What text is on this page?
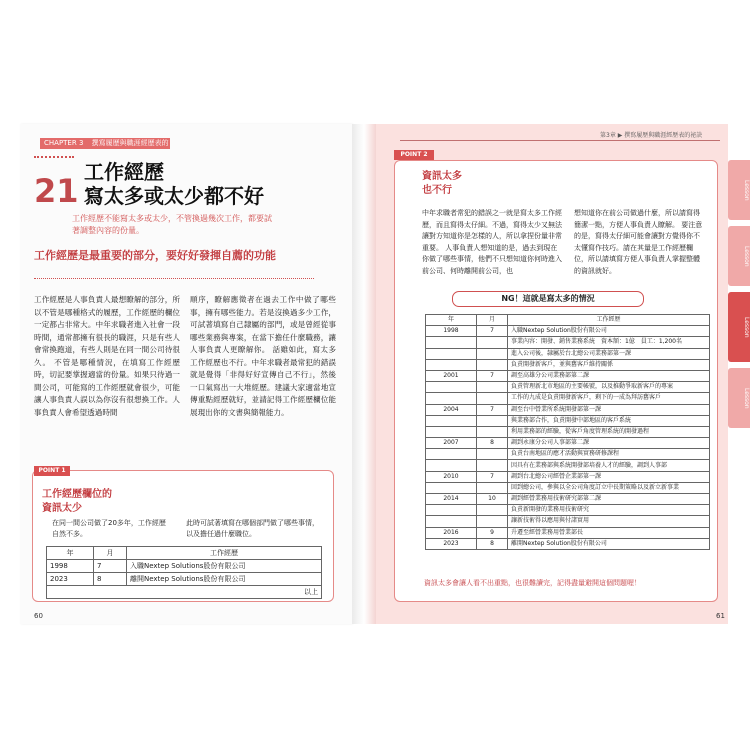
CHAPTER 3 撰寫履歷與職涯經歷表的祕訣
21 工作經歷
寫太多或太少都不好
工作經歷不能寫太多或太少，不管換過幾次工作，都要試著調整內容的份量。
工作經歷是最重要的部分，要好好發揮自薦的功能
工作經歷是人事負責人最想瞭解的部分，所以不管是哪種格式的履歷，工作經歷的欄位一定都占非常大。中年求職者進入社會一段時間，通常都擁有很長的職涯，只是有些人會常換跑道，有些人則是在同一間公司待很久。 不管是哪種情況，在填寫工作經歷時，切記要掌握適當的份量。如果只待過一間公司，可能寫的工作經歷就會很少，可能讓人事負責人誤以為你沒有很想換工作。人事負責人會希望透過時間
順序，瞭解應徵者在過去工作中做了哪些事，擁有哪些能力。若是沒換過多少工作，可試著填寫自己隸屬的部門，或是曾經從事哪些業務與專案，在當下擔任什麼職務，讓人事負責人更瞭解你。 話雖如此，寫太多工作經歷也不行。中年求職者最常犯的錯誤就是覺得「非得好好宣傳自己不行」，然後一口氣寫出一大堆經歷。建議大家適當地宣傳重點經歷就好，並請記得工作經歷欄位能展現出你的文書與簡報能力。
POINT 1
工作經歷欄位的
資訊太少
在同一間公司做了20多年，工作經歷自然不多。
此時可試著填寫在哪個部門做了哪些事情，以及擔任過什麼職位。
年	月	工作經歷
1998	7	入職Nextep Solutions股份有限公司
2023	8	離開Nextep Solutions股份有限公司
以上		
60
第3章 ▶ 撰寫履歷與職涯經歷表的祕訣
POINT 2
資訊太多
也不行
中年求職者常犯的錯誤之一就是寫太多工作經歷，而且寫得太仔細。不過，寫得太少又無法讓對方知道你是怎樣的人，所以拿捏份量非常重要。 人事負責人想知道的是，過去到現在你做了哪些事情，他們不只想知道你何時進入前公司、何時離開前公司，也
想知道你在前公司做過什麼，所以請寫得簡潔一點，方便人事負責人瞭解。 要注意的是，寫得太仔細可能會讓對方覺得你不太懂寫作技巧。請在其量是工作經歷欄位，所以請填寫方便人事負責人掌握整體的資訊就好。
NG！這就是寫太多的情況
年	月	工作經歷
1998	7	入職Nextep Solution股份有限公司
		事業內容：開發、銷售業務系統　資本額：1億　員工：1,200名
		進入公司後，隸屬於台北總公司業務部第一課
		負責開發新客戶，並與舊客戶維持關係
2001	7	調至高雄分公司業務部第二課
		負責管理新北市地區的主要帳號，以及推動爭取新客戶的專案
		工作的九成是負責開發新客戶，剩下的一成為拜訪舊客戶
2004	7	調至台中營業所系統開發部第一課
		與業務部合作，負責開發中部地區的客戶系統
		利用業務部的經驗，從客戶角度管理系統的開發過程
2007	8	調到永康分公司人事部第二課
		負責台南地區的應才活動與實務研修課程
		因具有在業務部與系統開發部培養人才的經驗，調到人事部
2010	7	調到台北總公司經營企業部第一課
		回到總公司，參與以全公司角度訂立中長期策略以及新立新事業
2014	10	調到經營業務用技術研究部第二課
		負責新開發的業務用技術研究
		讓新技術得以應用與付諸實用
2016	9	升遷至經營業務用營業部長
2023	8	離開Nextep Solution股份有限公司
資訊太多會讓人看不出重點，也很難讀完，記得盡量避開這個問題喔！
61
Lesson
Lesson
Lesson
Lesson
